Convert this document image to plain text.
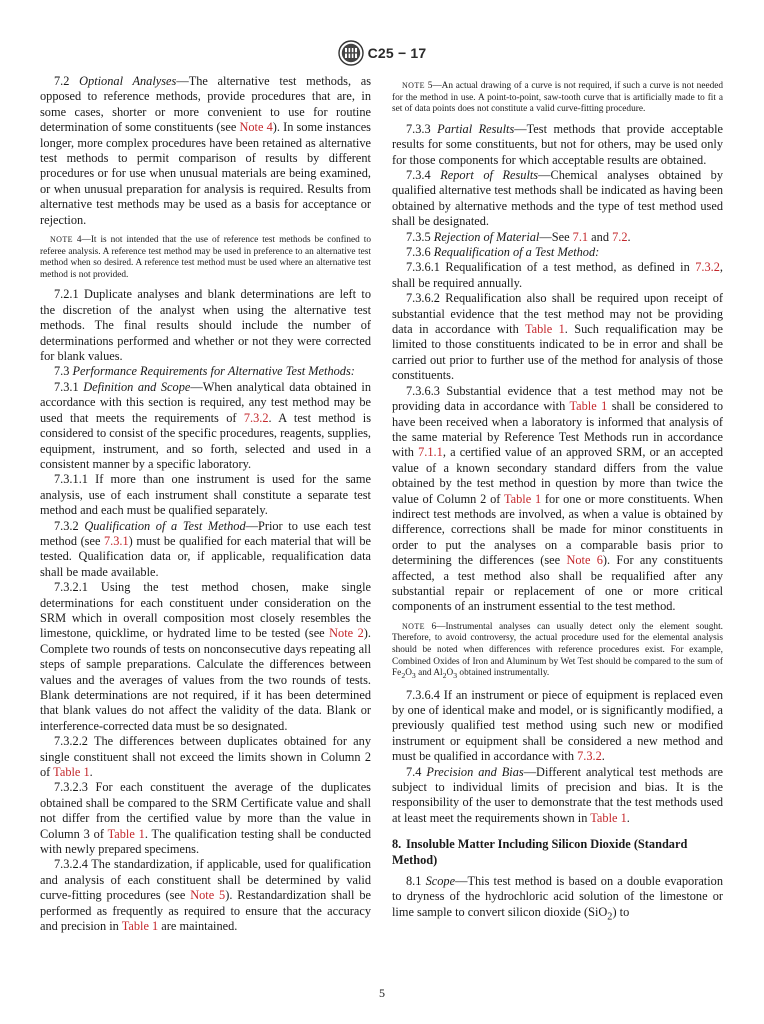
C25 − 17

7.2 Optional Analyses—The alternative test methods, as opposed to reference methods, provide procedures that are, in some cases, shorter or more convenient to use for routine determination of some constituents (see Note 4). In some instances longer, more complex procedures have been retained as alternative test methods to permit comparison of results by different procedures or for use when unusual materials are being examined, or when unusual preparation for analysis is required. Results from alternative test methods may be used as a basis for acceptance or rejection.

NOTE 4—It is not intended that the use of reference test methods be confined to referee analysis. A reference test method may be used in preference to an alternative test method when so desired. A reference test method must be used where an alternative test method is not provided.

7.2.1 Duplicate analyses and blank determinations are left to the discretion of the analyst when using the alternative test methods. The final results should include the number of determinations performed and whether or not they were corrected for blank values.

7.3 Performance Requirements for Alternative Test Methods:

7.3.1 Definition and Scope—When analytical data obtained in accordance with this section is required, any test method may be used that meets the requirements of 7.3.2. A test method is considered to consist of the specific procedures, reagents, supplies, equipment, instrument, and so forth, selected and used in a consistent manner by a specific laboratory.

7.3.1.1 If more than one instrument is used for the same analysis, use of each instrument shall constitute a separate test method and each must be qualified separately.

7.3.2 Qualification of a Test Method—Prior to use each test method (see 7.3.1) must be qualified for each material that will be tested. Qualification data or, if applicable, requalification data shall be made available.

7.3.2.1 Using the test method chosen, make single determinations for each constituent under consideration on the SRM which in overall composition most closely resembles the limestone, quicklime, or hydrated lime to be tested (see Note 2). Complete two rounds of tests on nonconsecutive days repeating all steps of sample preparations. Calculate the differences between values and the averages of values from the two rounds of tests. Blank determinations are not required, if it has been determined that blank values do not affect the validity of the data. Blank or interference-corrected data must be so designated.

7.3.2.2 The differences between duplicates obtained for any single constituent shall not exceed the limits shown in Column 2 of Table 1.

7.3.2.3 For each constituent the average of the duplicates obtained shall be compared to the SRM Certificate value and shall not differ from the certified value by more than the value in Column 3 of Table 1. The qualification testing shall be conducted with newly prepared specimens.

7.3.2.4 The standardization, if applicable, used for qualification and analysis of each constituent shall be determined by valid curve-fitting procedures (see Note 5). Restandardization shall be performed as frequently as required to ensure that the accuracy and precision in Table 1 are maintained.

NOTE 5—An actual drawing of a curve is not required, if such a curve is not needed for the method in use. A point-to-point, saw-tooth curve that is artificially made to fit a set of data points does not constitute a valid curve-fitting procedure.

7.3.3 Partial Results—Test methods that provide acceptable results for some constituents, but not for others, may be used only for those components for which acceptable results are obtained.

7.3.4 Report of Results—Chemical analyses obtained by qualified alternative test methods shall be indicated as having been obtained by alternative methods and the type of test method used shall be designated.

7.3.5 Rejection of Material—See 7.1 and 7.2.

7.3.6 Requalification of a Test Method:

7.3.6.1 Requalification of a test method, as defined in 7.3.2, shall be required annually.

7.3.6.2 Requalification also shall be required upon receipt of substantial evidence that the test method may not be providing data in accordance with Table 1. Such requalification may be limited to those constituents indicated to be in error and shall be carried out prior to further use of the method for analysis of those constituents.

7.3.6.3 Substantial evidence that a test method may not be providing data in accordance with Table 1 shall be considered to have been received when a laboratory is informed that analysis of the same material by Reference Test Methods run in accordance with 7.1.1, a certified value of an approved SRM, or an accepted value of a known secondary standard differs from the value obtained by the test method in question by more than twice the value of Column 2 of Table 1 for one or more constituents. When indirect test methods are involved, as when a value is obtained by difference, corrections shall be made for minor constituents in order to put the analyses on a comparable basis prior to determining the differences (see Note 6). For any constituents affected, a test method also shall be requalified after any substantial repair or replacement of one or more critical components of an instrument essential to the test method.

NOTE 6—Instrumental analyses can usually detect only the element sought. Therefore, to avoid controversy, the actual procedure used for the elemental analysis should be noted when differences with reference procedures exist. For example, Combined Oxides of Iron and Aluminum by Wet Test should be compared to the sum of $Fe_2O_3$ and $Al_2O_3$ obtained instrumentally.

7.3.6.4 If an instrument or piece of equipment is replaced even by one of identical make and model, or is significantly modified, a previously qualified test method using such new or modified instrument or equipment shall be considered a new method and must be qualified in accordance with 7.3.2.

7.4 Precision and Bias—Different analytical test methods are subject to individual limits of precision and bias. It is the responsibility of the user to demonstrate that the test methods used at least meet the requirements shown in Table 1.

8. Insoluble Matter Including Silicon Dioxide (Standard Method)

8.1 Scope—This test method is based on a double evaporation to dryness of the hydrochloric acid solution of the limestone or lime sample to convert silicon dioxide (SiO$_2$) to

5
